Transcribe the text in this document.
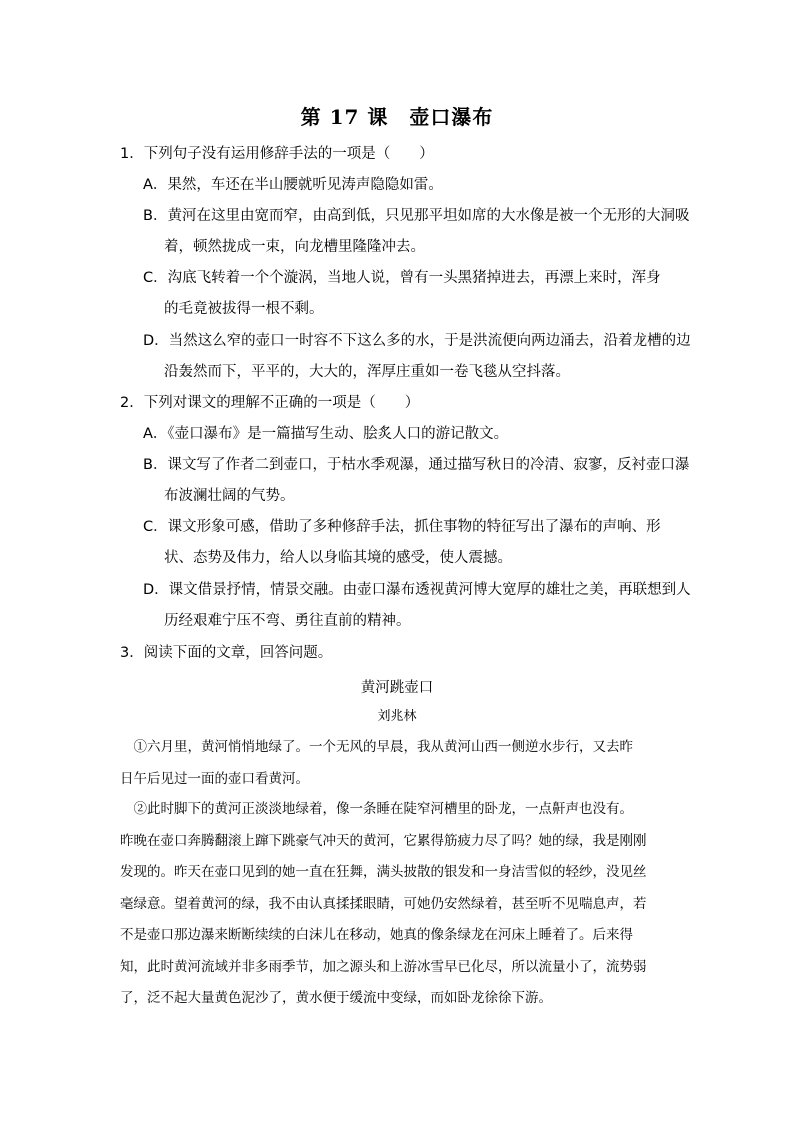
第 17 课　壶口瀑布
1．下列句子没有运用修辞手法的一项是（　　）
A．果然，车还在半山腰就听见涛声隐隐如雷。
B．黄河在这里由宽而窄，由高到低，只见那平坦如席的大水像是被一个无形的大洞吸
着，顿然拢成一束，向龙槽里隆隆冲去。
C．沟底飞转着一个个漩涡，当地人说，曾有一头黑猪掉进去，再漂上来时，浑身
的毛竟被拔得一根不剩。
D．当然这么窄的壶口一时容不下这么多的水，于是洪流便向两边涌去，沿着龙槽的边
沿轰然而下，平平的，大大的，浑厚庄重如一卷飞毯从空抖落。
2．下列对课文的理解不正确的一项是（　　）
A．《壶口瀑布》是一篇描写生动、脍炙人口的游记散文。
B．课文写了作者二到壶口，于枯水季观瀑，通过描写秋日的冷清、寂寥，反衬壶口瀑
布波澜壮阔的气势。
C．课文形象可感，借助了多种修辞手法，抓住事物的特征写出了瀑布的声响、形
状、态势及伟力，给人以身临其境的感受，使人震撼。
D．课文借景抒情，情景交融。由壶口瀑布透视黄河博大宽厚的雄壮之美，再联想到人
历经艰难宁压不弯、勇往直前的精神。
3．阅读下面的文章，回答问题。
黄河跳壶口
刘兆林
　①六月里，黄河悄悄地绿了。一个无风的早晨，我从黄河山西一侧逆水步行，又去昨
日午后见过一面的壶口看黄河。
　②此时脚下的黄河正淡淡地绿着，像一条睡在陡窄河槽里的卧龙，一点鼾声也没有。
昨晚在壶口奔腾翻滚上蹿下跳豪气冲天的黄河，它累得筋疲力尽了吗？她的绿，我是刚刚
发现的。昨天在壶口见到的她一直在狂舞，满头披散的银发和一身洁雪似的轻纱，没见丝
毫绿意。望着黄河的绿，我不由认真揉揉眼睛，可她仍安然绿着，甚至听不见喘息声，若
不是壶口那边瀑来断断续续的白沫儿在移动，她真的像条绿龙在河床上睡着了。后来得
知，此时黄河流域并非多雨季节，加之源头和上游冰雪早已化尽，所以流量小了，流势弱
了，泛不起大量黄色泥沙了，黄水便于缓流中变绿，而如卧龙徐徐下游。
